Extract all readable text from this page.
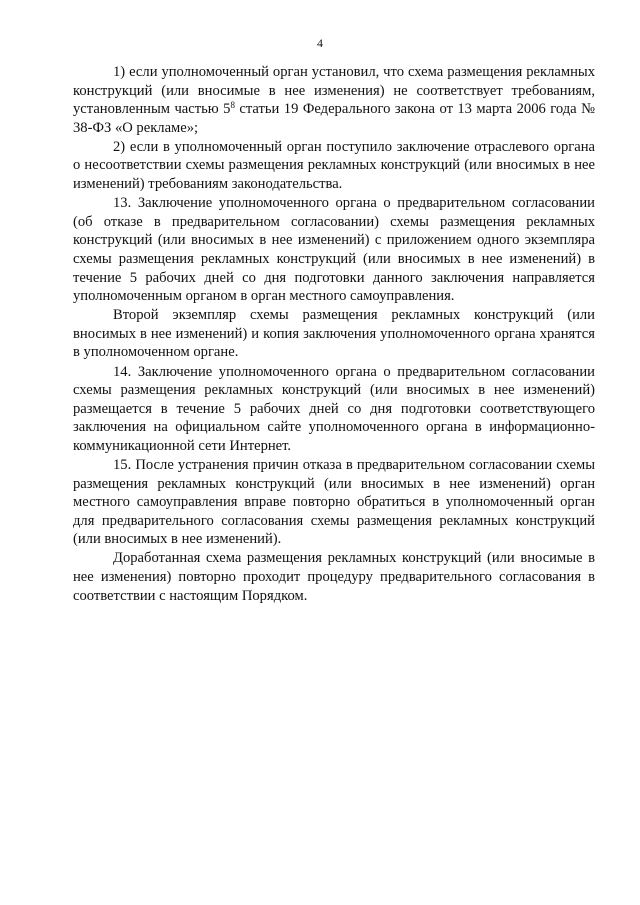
4

1) если уполномоченный орган установил, что схема размещения рекламных конструкций (или вносимые в нее изменения) не соответствует требованиям, установленным частью $5^8$ статьи 19 Федерального закона от 13 марта 2006 года № 38-ФЗ «О рекламе»;

2) если в уполномоченный орган поступило заключение отраслевого органа о несоответствии схемы размещения рекламных конструкций (или вносимых в нее изменений) требованиям законодательства.

13. Заключение уполномоченного органа о предварительном согласовании (об отказе в предварительном согласовании) схемы размещения рекламных конструкций (или вносимых в нее изменений) с приложением одного экземпляра схемы размещения рекламных конструкций (или вносимых в нее изменений) в течение 5 рабочих дней со дня подготовки данного заключения направляется уполномоченным органом в орган местного самоуправления.

Второй экземпляр схемы размещения рекламных конструкций (или вносимых в нее изменений) и копия заключения уполномоченного органа хранятся в уполномоченном органе.

14. Заключение уполномоченного органа о предварительном согласовании схемы размещения рекламных конструкций (или вносимых в нее изменений) размещается в течение 5 рабочих дней со дня подготовки соответствующего заключения на официальном сайте уполномоченного органа в информационно-коммуникационной сети Интернет.

15. После устранения причин отказа в предварительном согласовании схемы размещения рекламных конструкций (или вносимых в нее изменений) орган местного самоуправления вправе повторно обратиться в уполномоченный орган для предварительного согласования схемы размещения рекламных конструкций (или вносимых в нее изменений).

Доработанная схема размещения рекламных конструкций (или вносимые в нее изменения) повторно проходит процедуру предварительного согласования в соответствии с настоящим Порядком.
